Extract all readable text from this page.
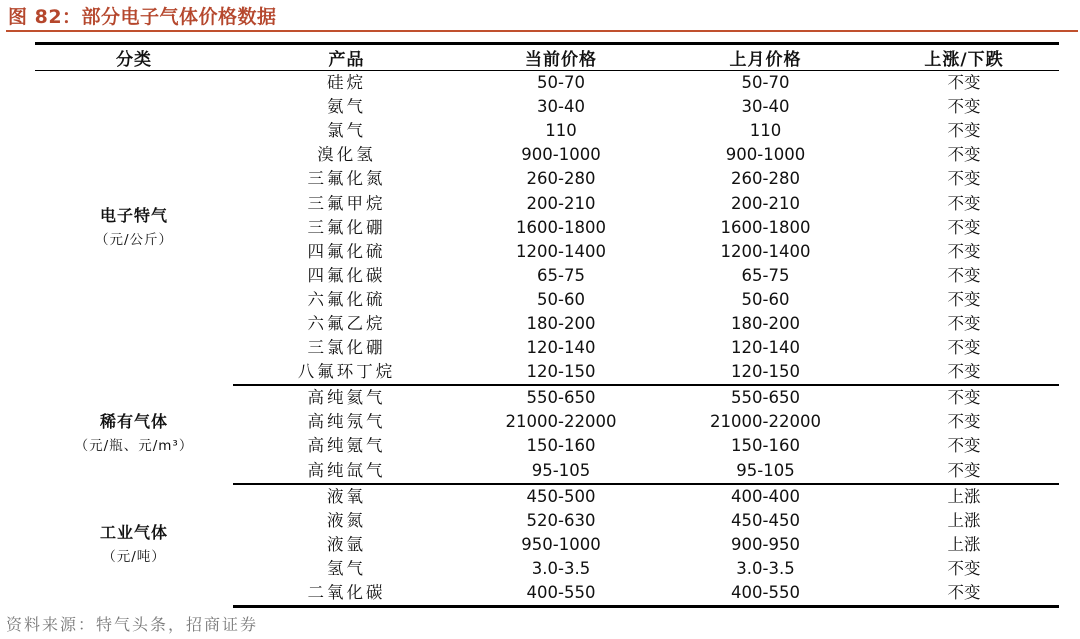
图 82：部分电子气体价格数据
分类	产品	当前价格	上月价格	上涨/下跌

电子特气
（元/公斤）	硅烷	50-70	50-70	不变
	氨气	30-40	30-40	不变
	氯气	110	110	不变
	溴化氢	900-1000	900-1000	不变
	三氟化氮	260-280	260-280	不变
	三氟甲烷	200-210	200-210	不变
	三氟化硼	1600-1800	1600-1800	不变
	四氟化硫	1200-1400	1200-1400	不变
	四氟化碳	65-75	65-75	不变
	六氟化硫	50-60	50-60	不变
	六氟乙烷	180-200	180-200	不变
	三氯化硼	120-140	120-140	不变
	八氟环丁烷	120-150	120-150	不变

稀有气体
（元/瓶、元/m³）	高纯氦气	550-650	550-650	不变
	高纯氖气	21000-22000	21000-22000	不变
	高纯氪气	150-160	150-160	不变
	高纯氙气	95-105	95-105	不变

工业气体
（元/吨）	液氧	450-500	400-400	上涨
	液氮	520-630	450-450	上涨
	液氩	950-1000	900-950	上涨
	氢气	3.0-3.5	3.0-3.5	不变
	二氧化碳	400-550	400-550	不变
资料来源：特气头条，招商证券
